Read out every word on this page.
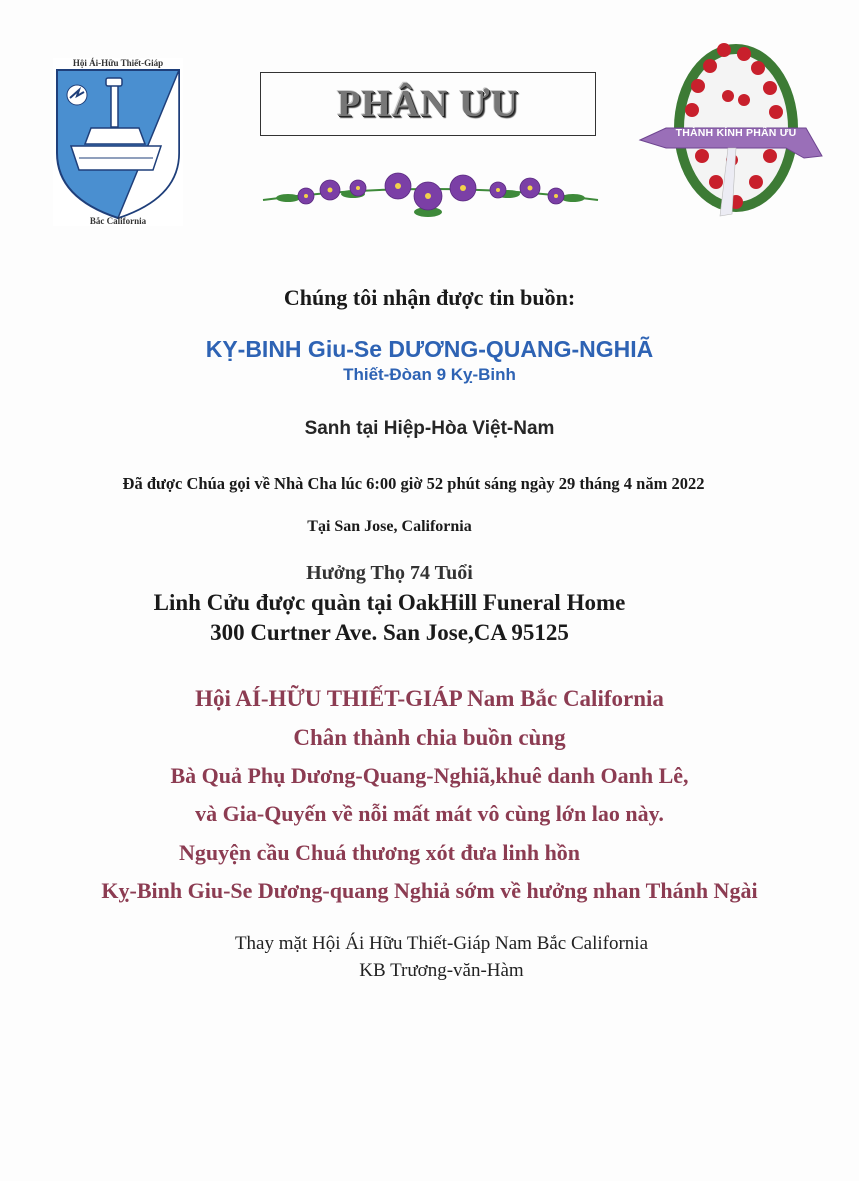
Hội Ái-Hữu Thiết-Giáp
Bắc California
PHÂN ƯU
THÀNH KÍNH PHÂN ƯU
Chúng tôi nhận được tin buồn:
KỴ-BINH Giu-Se DƯƠNG-QUANG-NGHIÃ
Thiết-Đòan 9 Kỵ-Binh
Sanh tại Hiệp-Hòa Việt-Nam
Đã được Chúa gọi về Nhà Cha lúc 6:00 giờ 52 phút sáng ngày 29 tháng 4 năm 2022
Tại San Jose, California
Hưởng Thọ 74 Tuổi
Linh Cửu được quàn tại OakHill Funeral Home
300 Curtner Ave. San Jose,CA 95125
Hội AÍ-HỮU THIẾT-GIÁP Nam Bắc California
Chân thành chia buồn cùng
Bà Quả Phụ Dương-Quang-Nghiã,khuê danh Oanh Lê,
và Gia-Quyến về nỗi mất mát vô cùng lớn lao này.
Nguyện cầu Chuá thương xót đưa linh hồn
Kỵ-Binh Giu-Se Dương-quang Nghiả sớm về hưởng nhan Thánh Ngài
Thay mặt Hội Ái Hữu Thiết-Giáp Nam Bắc California
KB Trương-văn-Hàm
